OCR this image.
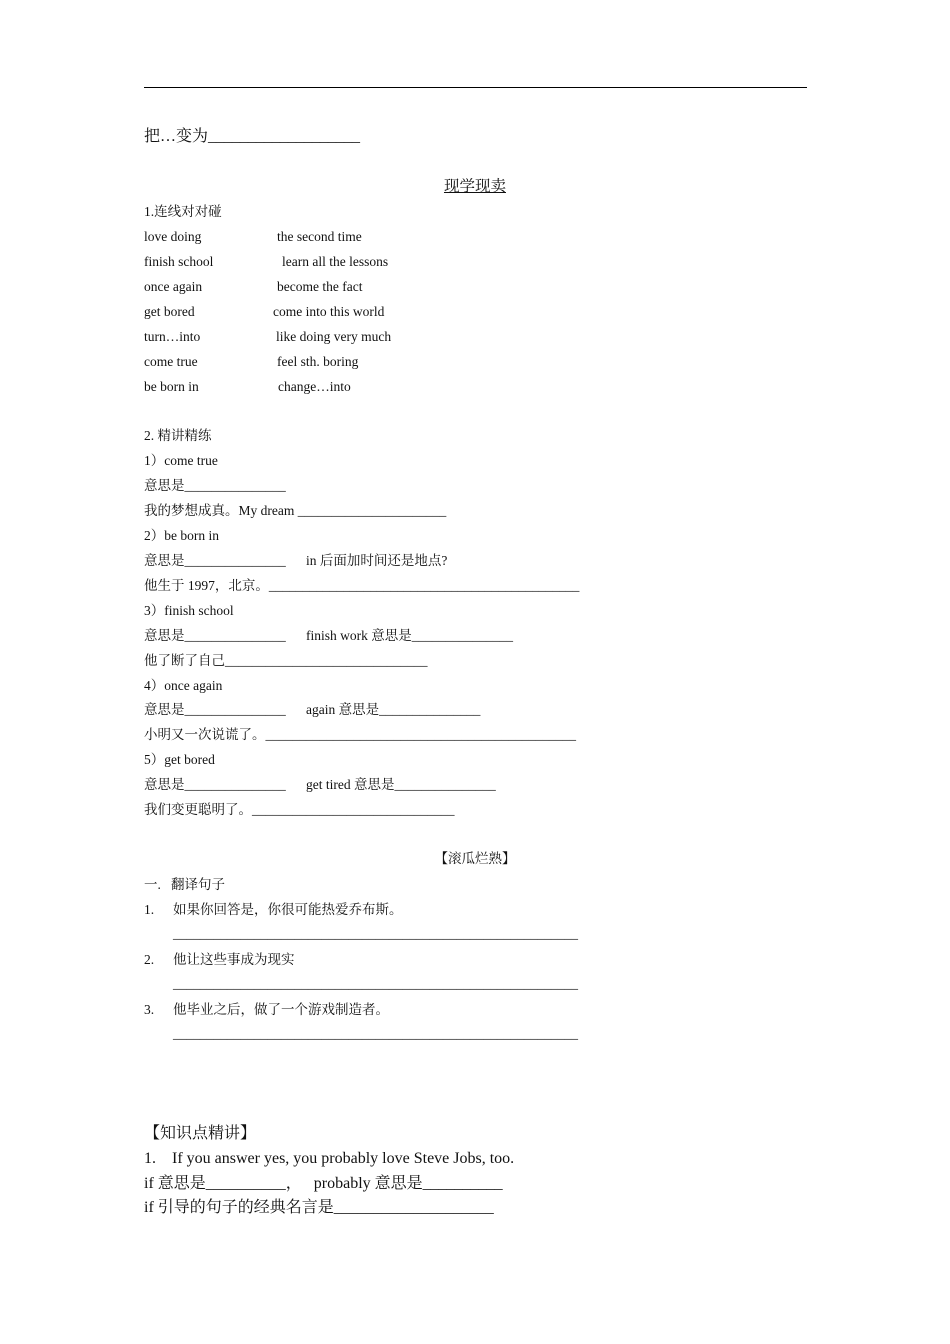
把…变为___________________
现学现卖
1.连线对对碰
love doing	the second time
finish school	learn all the lessons
once again	become the fact
get bored	come into this world
turn…into	like doing very much
come true	feel sth. boring
be born in	change…into
2. 精讲精练
1）come true
意思是_______________
我的梦想成真。My dream ______________________
2）be born in
意思是_______________      in 后面加时间还是地点?
他生于 1997，北京。______________________________________________
3）finish school
意思是_______________      finish work 意思是_______________
他了断了自己______________________________
4）once again
意思是_______________      again 意思是_______________
小明又一次说谎了。______________________________________________
5）get bored
意思是_______________      get tired 意思是_______________
我们变更聪明了。______________________________
【滚瓜烂熟】
一.   翻译句子
1. 如果你回答是，你很可能热爱乔布斯。
____________________________________________________________
2. 他让这些事成为现实
____________________________________________________________
3. 他毕业之后，做了一个游戏制造者。
____________________________________________________________
【知识点精讲】
1.    If you answer yes, you probably love Steve Jobs, too.
if 意思是__________，   probably 意思是__________
if 引导的句子的经典名言是____________________
